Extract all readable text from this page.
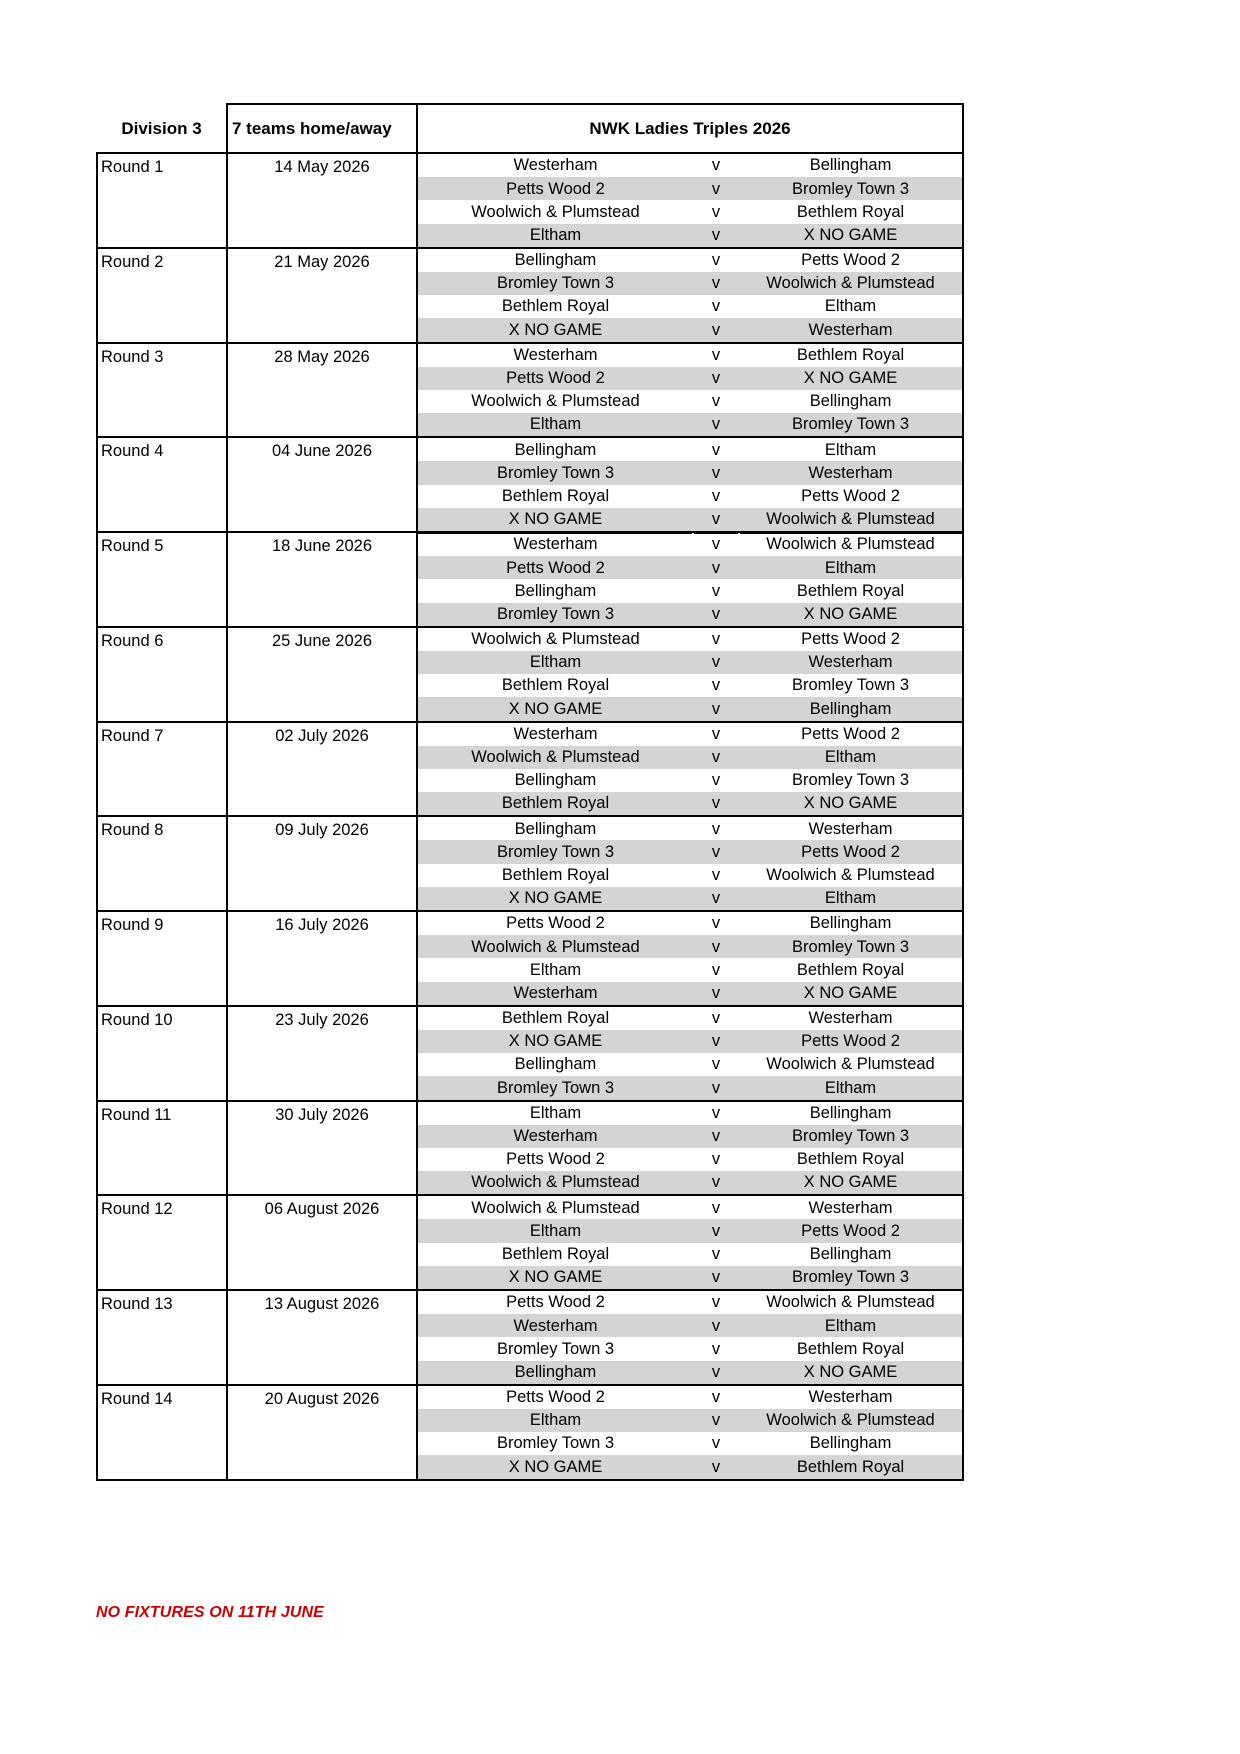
Division 3	7 teams home/away	NWK Ladies Triples 2026		
Round 1	14 May 2026	Westerham	v	Bellingham
		Petts Wood 2	v	Bromley Town 3
		Woolwich & Plumstead	v	Bethlem Royal
		Eltham	v	X NO GAME
Round 2	21 May 2026	Bellingham	v	Petts Wood 2
		Bromley Town 3	v	Woolwich & Plumstead
		Bethlem Royal	v	Eltham
		X NO GAME	v	Westerham
Round 3	28 May 2026	Westerham	v	Bethlem Royal
		Petts Wood 2	v	X NO GAME
		Woolwich & Plumstead	v	Bellingham
		Eltham	v	Bromley Town 3
Round 4	04 June 2026	Bellingham	v	Eltham
		Bromley Town 3	v	Westerham
		Bethlem Royal	v	Petts Wood 2
		X NO GAME	v	Woolwich & Plumstead
Round 5	18 June 2026	Westerham	v	Woolwich & Plumstead
		Petts Wood 2	v	Eltham
		Bellingham	v	Bethlem Royal
		Bromley Town 3	v	X NO GAME
Round 6	25 June 2026	Woolwich & Plumstead	v	Petts Wood 2
		Eltham	v	Westerham
		Bethlem Royal	v	Bromley Town 3
		X NO GAME	v	Bellingham
Round 7	02 July 2026	Westerham	v	Petts Wood 2
		Woolwich & Plumstead	v	Eltham
		Bellingham	v	Bromley Town 3
		Bethlem Royal	v	X NO GAME
Round 8	09 July 2026	Bellingham	v	Westerham
		Bromley Town 3	v	Petts Wood 2
		Bethlem Royal	v	Woolwich & Plumstead
		X NO GAME	v	Eltham
Round 9	16 July 2026	Petts Wood 2	v	Bellingham
		Woolwich & Plumstead	v	Bromley Town 3
		Eltham	v	Bethlem Royal
		Westerham	v	X NO GAME
Round 10	23 July 2026	Bethlem Royal	v	Westerham
		X NO GAME	v	Petts Wood 2
		Bellingham	v	Woolwich & Plumstead
		Bromley Town 3	v	Eltham
Round 11	30 July 2026	Eltham	v	Bellingham
		Westerham	v	Bromley Town 3
		Petts Wood 2	v	Bethlem Royal
		Woolwich & Plumstead	v	X NO GAME
Round 12	06 August 2026	Woolwich & Plumstead	v	Westerham
		Eltham	v	Petts Wood 2
		Bethlem Royal	v	Bellingham
		X NO GAME	v	Bromley Town 3
Round 13	13 August 2026	Petts Wood 2	v	Woolwich & Plumstead
		Westerham	v	Eltham
		Bromley Town 3	v	Bethlem Royal
		Bellingham	v	X NO GAME
Round 14	20 August 2026	Petts Wood 2	v	Westerham
		Eltham	v	Woolwich & Plumstead
		Bromley Town 3	v	Bellingham
		X NO GAME	v	Bethlem Royal
NO FIXTURES ON 11TH JUNE
